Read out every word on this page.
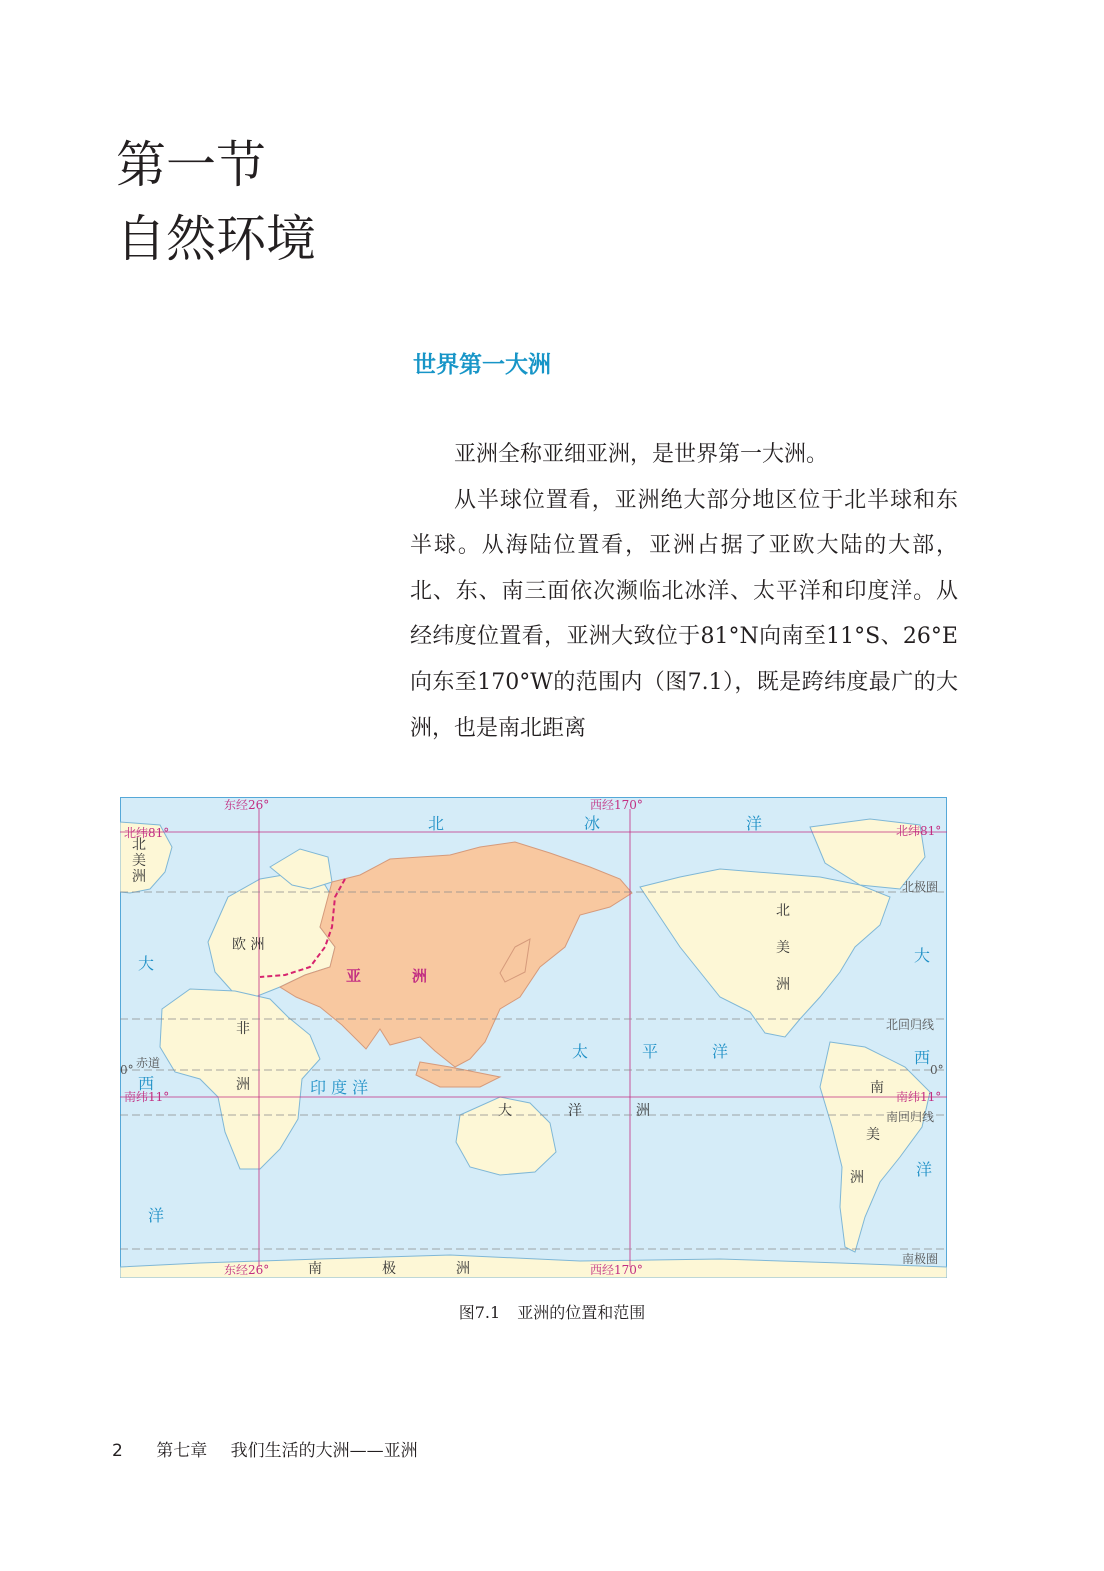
第一节
自然环境
世界第一大洲

亚洲全称亚细亚洲，是世界第一大洲。

从半球位置看，亚洲绝大部分地区位于北半球和东半球。从海陆位置看，亚洲占据了亚欧大陆的大部，北、东、南三面依次濒临北冰洋、太平洋和印度洋。从经纬度位置看，亚洲大致位于81°N向南至11°S、26°E向东至170°W的范围内（图7.1），既是跨纬度最广的大洲，也是南北距离

东经26°	西经170°
东经26°	西经170°
北纬81°	北纬81°
南纬11°	南纬11°
北极圈
北回归线
0° 赤道	0°
南回归线
南极圈
北
美
洲
欧 洲
非
洲
北
美
洲
南
美
洲
大	洋	洲
南	极	洲
亚	洲
北	冰	洋
太	平	洋
印 度 洋
大
西
洋
大
西
洋
图7.1 亚洲的位置和范围
2 第七章 我们生活的大洲——亚洲
